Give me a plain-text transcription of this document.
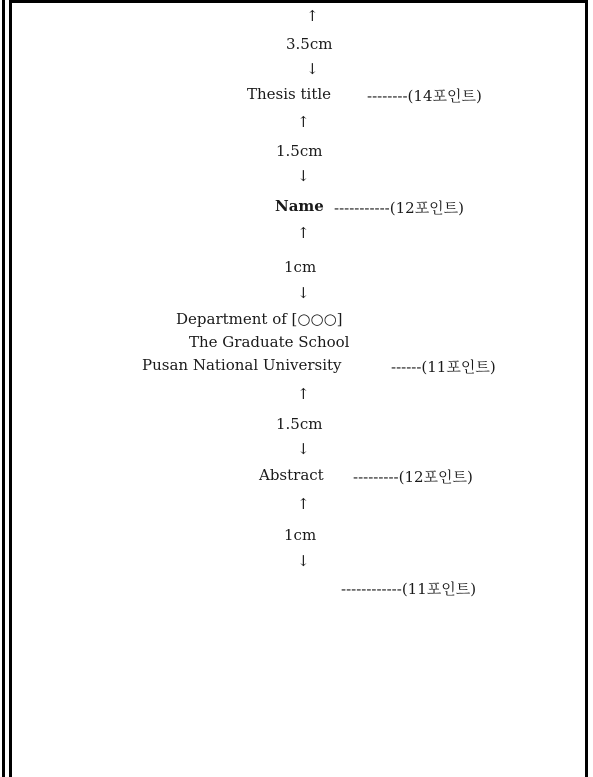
↑
3.5cm
↓
Thesis title --------(14포인트)
↑
1.5cm
↓
Name -----------(12포인트)
↑
1cm
↓
Department of [○○○]
The Graduate School
Pusan National University	------(11포인트)
↑
1.5cm
↓
Abstract ---------(12포인트)
↑
1cm
↓
------------(11포인트)
